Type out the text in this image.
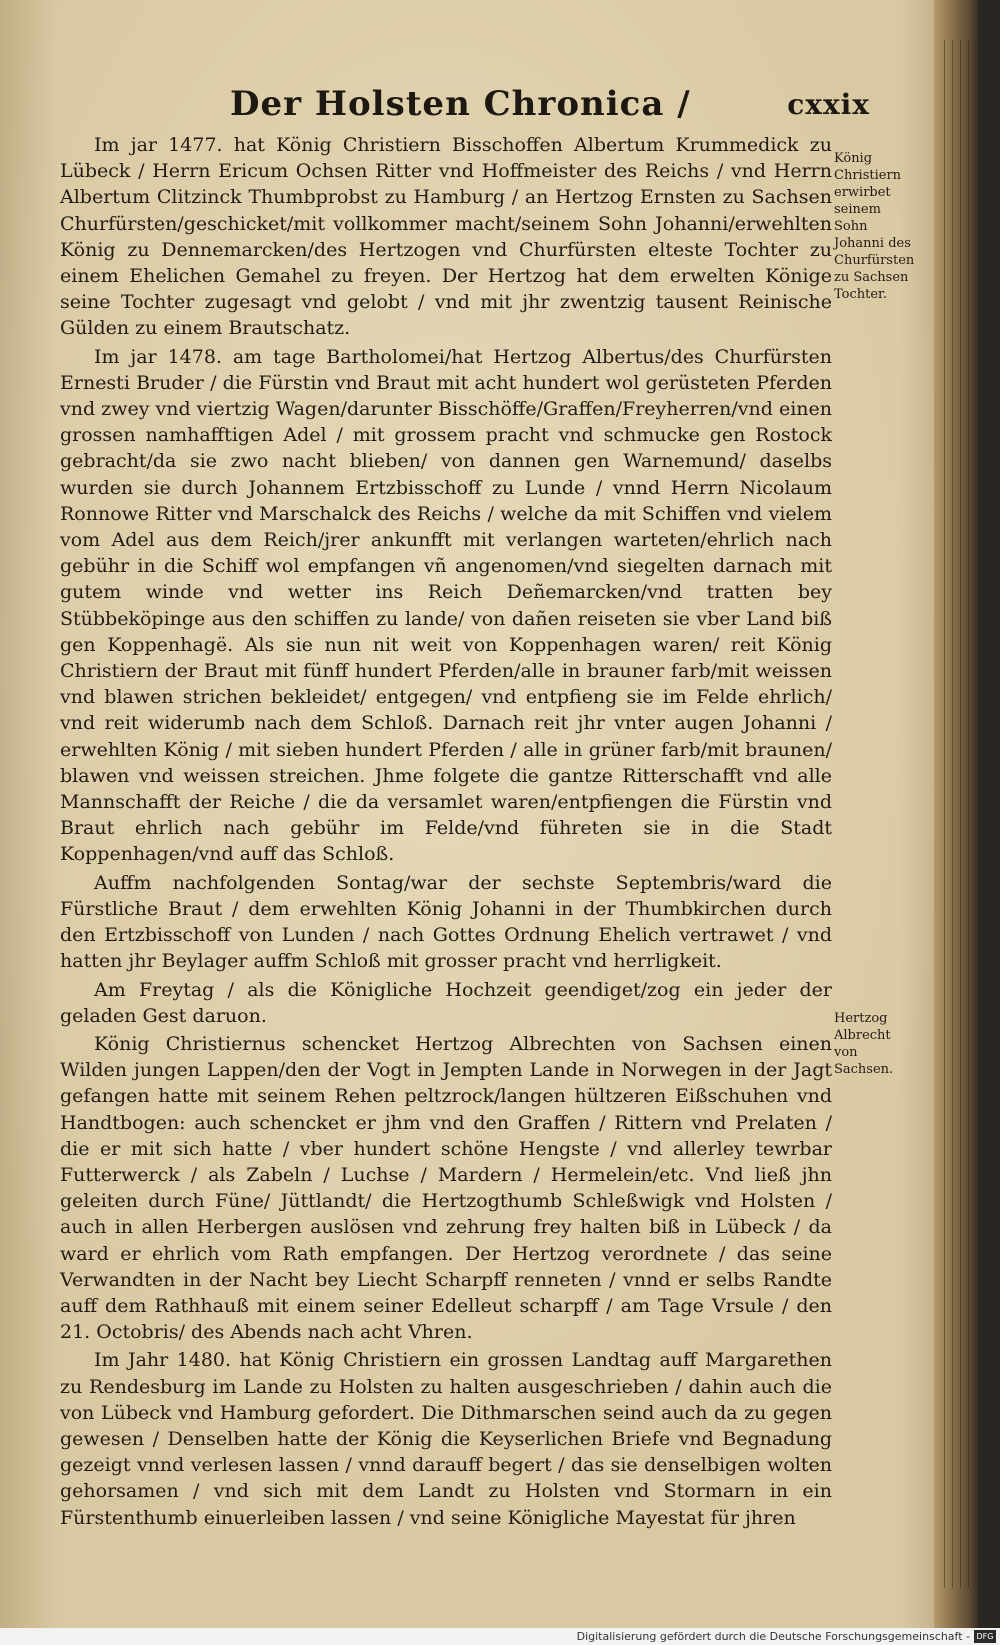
Der Holsten Chronica /	cxxix

Im jar 1477. hat König Christiern Bisschoffen Albertum Krummedick zu Lübeck / Herrn Ericum Ochsen Ritter vnd Hoffmeister des Reichs / vnd Herrn Albertum Clitzinck Thumbprobst zu Hamburg / an Hertzog Ernsten zu Sachsen Churfürsten/geschicket/mit vollkommer macht/seinem Sohn Johanni/erwehlten König zu Dennemarcken/des Hertzogen vnd Churfürsten elteste Tochter zu einem Ehelichen Gemahel zu freyen. Der Hertzog hat dem erwelten Könige seine Tochter zugesagt vnd gelobt / vnd mit jhr zwentzig tausent Reinische Gülden zu einem Brautschatz.

Im jar 1478. am tage Bartholomei/hat Hertzog Albertus/des Churfürsten Ernesti Bruder / die Fürstin vnd Braut mit acht hundert wol gerüsteten Pferden vnd zwey vnd viertzig Wagen/darunter Bisschöffe/Graffen/Freyherren/vnd einen grossen namhafftigen Adel / mit grossem pracht vnd schmucke gen Rostock gebracht/da sie zwo nacht blieben/ von dannen gen Warnemund/ daselbs wurden sie durch Johannem Ertzbisschoff zu Lunde / vnnd Herrn Nicolaum Ronnowe Ritter vnd Marschalck des Reichs / welche da mit Schiffen vnd vielem vom Adel aus dem Reich/jrer ankunfft mit verlangen warteten/ehrlich nach gebühr in die Schiff wol empfangen vñ angenomen/vnd siegelten darnach mit gutem winde vnd wetter ins Reich Deñemarcken/vnd tratten bey Stübbeköpinge aus den schiffen zu lande/ von dañen reiseten sie vber Land biß gen Koppenhagë. Als sie nun nit weit von Koppenhagen waren/ reit König Christiern der Braut mit fünff hundert Pferden/alle in brauner farb/mit weissen vnd blawen strichen bekleidet/ entgegen/ vnd entpfieng sie im Felde ehrlich/ vnd reit widerumb nach dem Schloß. Darnach reit jhr vnter augen Johanni / erwehlten König / mit sieben hundert Pferden / alle in grüner farb/mit braunen/ blawen vnd weissen streichen. Jhme folgete die gantze Ritterschafft vnd alle Mannschafft der Reiche / die da versamlet waren/entpfiengen die Fürstin vnd Braut ehrlich nach gebühr im Felde/vnd führeten sie in die Stadt Koppenhagen/vnd auff das Schloß.

Auffm nachfolgenden Sontag/war der sechste Septembris/ward die Fürstliche Braut / dem erwehlten König Johanni in der Thumbkirchen durch den Ertzbisschoff von Lunden / nach Gottes Ordnung Ehelich vertrawet / vnd hatten jhr Beylager auffm Schloß mit grosser pracht vnd herrligkeit.

Am Freytag / als die Königliche Hochzeit geendiget/zog ein jeder der geladen Gest daruon.

König Christiernus schencket Hertzog Albrechten von Sachsen einen Wilden jungen Lappen/den der Vogt in Jempten Lande in Norwegen in der Jagt gefangen hatte mit seinem Rehen peltzrock/langen hültzeren Eißschuhen vnd Handtbogen: auch schencket er jhm vnd den Graffen / Rittern vnd Prelaten / die er mit sich hatte / vber hundert schöne Hengste / vnd allerley tewrbar Futterwerck / als Zabeln / Luchse / Mardern / Hermelein/etc. Vnd ließ jhn geleiten durch Füne/ Jüttlandt/ die Hertzogthumb Schleßwigk vnd Holsten / auch in allen Herbergen auslösen vnd zehrung frey halten biß in Lübeck / da ward er ehrlich vom Rath empfangen. Der Hertzog verordnete / das seine Verwandten in der Nacht bey Liecht Scharpff renneten / vnnd er selbs Randte auff dem Rathhauß mit einem seiner Edelleut scharpff / am Tage Vrsule / den 21. Octobris/ des Abends nach acht Vhren.

Im Jahr 1480. hat König Christiern ein grossen Landtag auff Margarethen zu Rendesburg im Lande zu Holsten zu halten ausgeschrieben / dahin auch die von Lübeck vnd Hamburg gefordert. Die Dithmarschen seind auch da zu gegen gewesen / Denselben hatte der König die Keyserlichen Briefe vnd Begnadung gezeigt vnnd verlesen lassen / vnnd darauff begert / das sie denselbigen wolten gehorsamen / vnd sich mit dem Landt zu Holsten vnd Stormarn in ein Fürstenthumb einuerleiben lassen / vnd seine Königliche Mayestat für jhren

König Christiern erwirbet seinem Sohn Johanni des Churfürsten zu Sachsen Tochter.
Hertzog Albrecht von Sachsen.
Digitalisierung gefördert durch die Deutsche Forschungsgemeinschaft - DFG
